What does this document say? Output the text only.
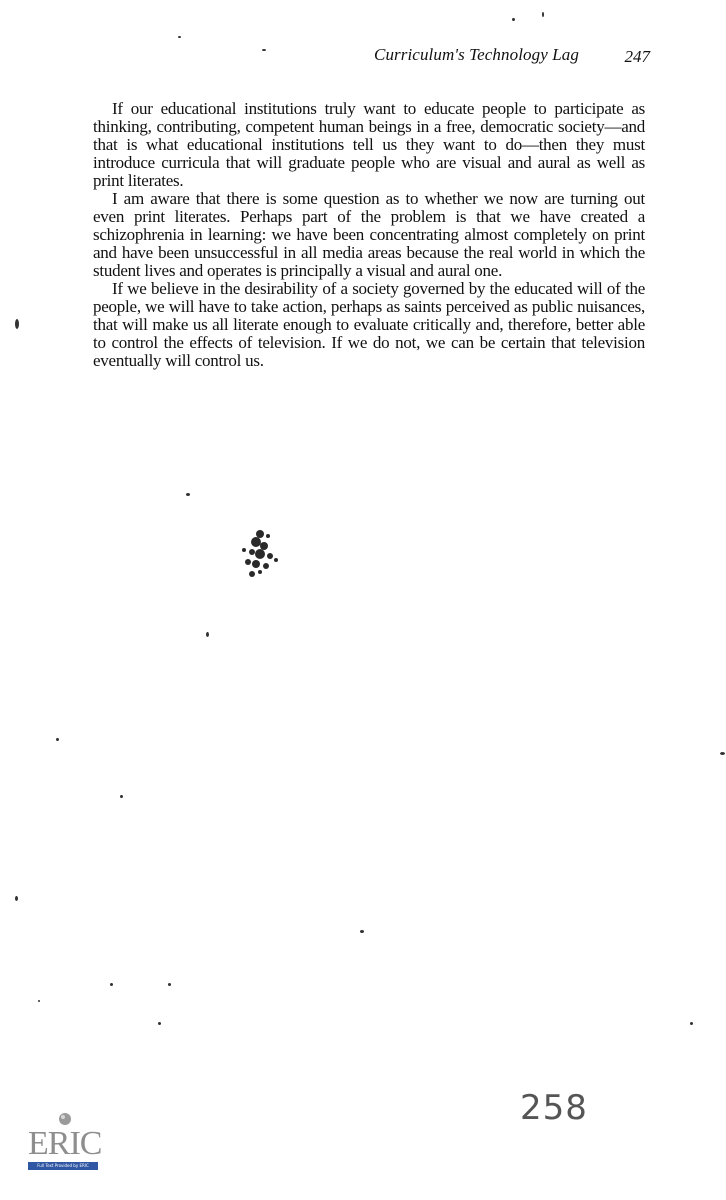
Curriculum's Technology Lag	247

If our educational institutions truly want to educate people to participate as thinking, contributing, competent human beings in a free, democratic society—and that is what educational institutions tell us they want to do—then they must introduce curricula that will graduate people who are visual and aural as well as print literates.

I am aware that there is some question as to whether we now are turning out even print literates. Perhaps part of the problem is that we have created a schizophrenia in learning: we have been concentrating almost completely on print and have been unsuccessful in all media areas because the real world in which the student lives and operates is principally a visual and aural one.

If we believe in the desirability of a society governed by the educated will of the people, we will have to take action, perhaps as saints perceived as public nuisances, that will make us all literate enough to evaluate critically and, therefore, better able to control the effects of television. If we do not, we can be certain that television eventually will control us.

258
ERIC
Full Text Provided by ERIC
